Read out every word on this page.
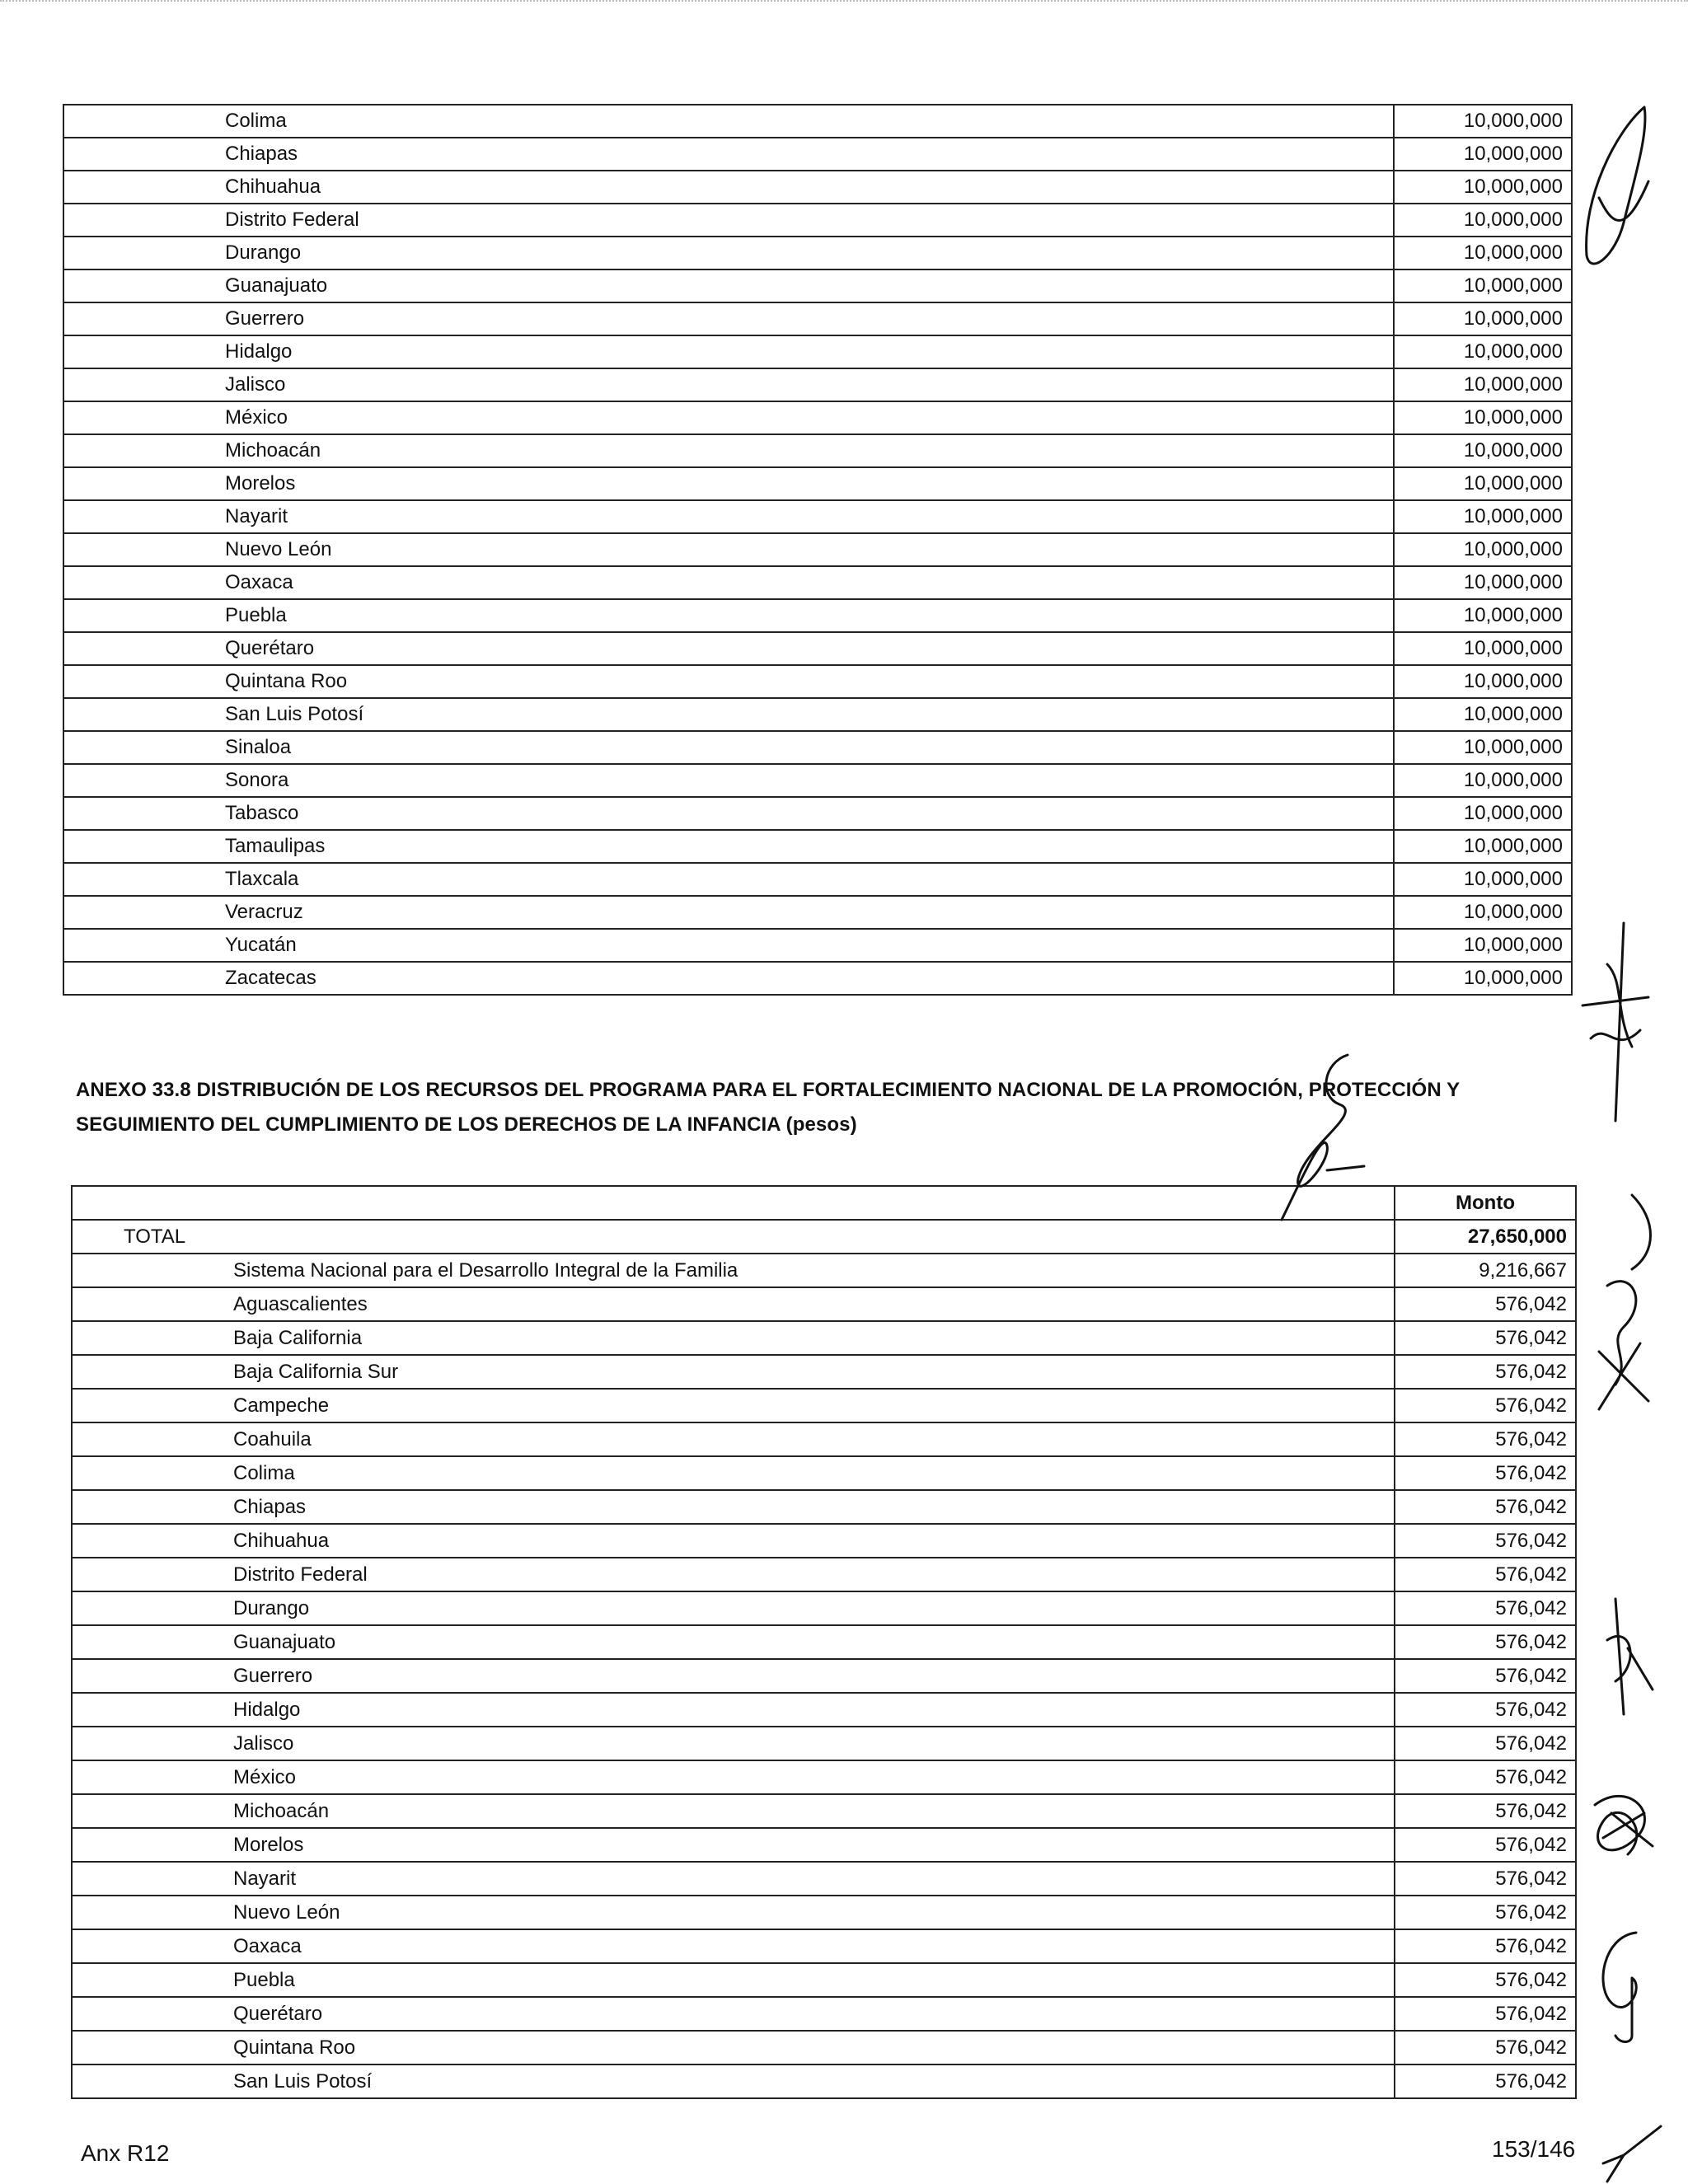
Colima	10,000,000
Chiapas	10,000,000
Chihuahua	10,000,000
Distrito Federal	10,000,000
Durango	10,000,000
Guanajuato	10,000,000
Guerrero	10,000,000
Hidalgo	10,000,000
Jalisco	10,000,000
México	10,000,000
Michoacán	10,000,000
Morelos	10,000,000
Nayarit	10,000,000
Nuevo León	10,000,000
Oaxaca	10,000,000
Puebla	10,000,000
Querétaro	10,000,000
Quintana Roo	10,000,000
San Luis Potosí	10,000,000
Sinaloa	10,000,000
Sonora	10,000,000
Tabasco	10,000,000
Tamaulipas	10,000,000
Tlaxcala	10,000,000
Veracruz	10,000,000
Yucatán	10,000,000
Zacatecas	10,000,000
ANEXO 33.8 DISTRIBUCIÓN DE LOS RECURSOS DEL PROGRAMA PARA EL FORTALECIMIENTO NACIONAL DE LA PROMOCIÓN, PROTECCIÓN Y SEGUIMIENTO DEL CUMPLIMIENTO DE LOS DERECHOS DE LA INFANCIA (pesos)
	Monto
TOTAL	27,650,000
Sistema Nacional para el Desarrollo Integral de la Familia	9,216,667
Aguascalientes	576,042
Baja California	576,042
Baja California Sur	576,042
Campeche	576,042
Coahuila	576,042
Colima	576,042
Chiapas	576,042
Chihuahua	576,042
Distrito Federal	576,042
Durango	576,042
Guanajuato	576,042
Guerrero	576,042
Hidalgo	576,042
Jalisco	576,042
México	576,042
Michoacán	576,042
Morelos	576,042
Nayarit	576,042
Nuevo León	576,042
Oaxaca	576,042
Puebla	576,042
Querétaro	576,042
Quintana Roo	576,042
San Luis Potosí	576,042
Anx R12	153/146
